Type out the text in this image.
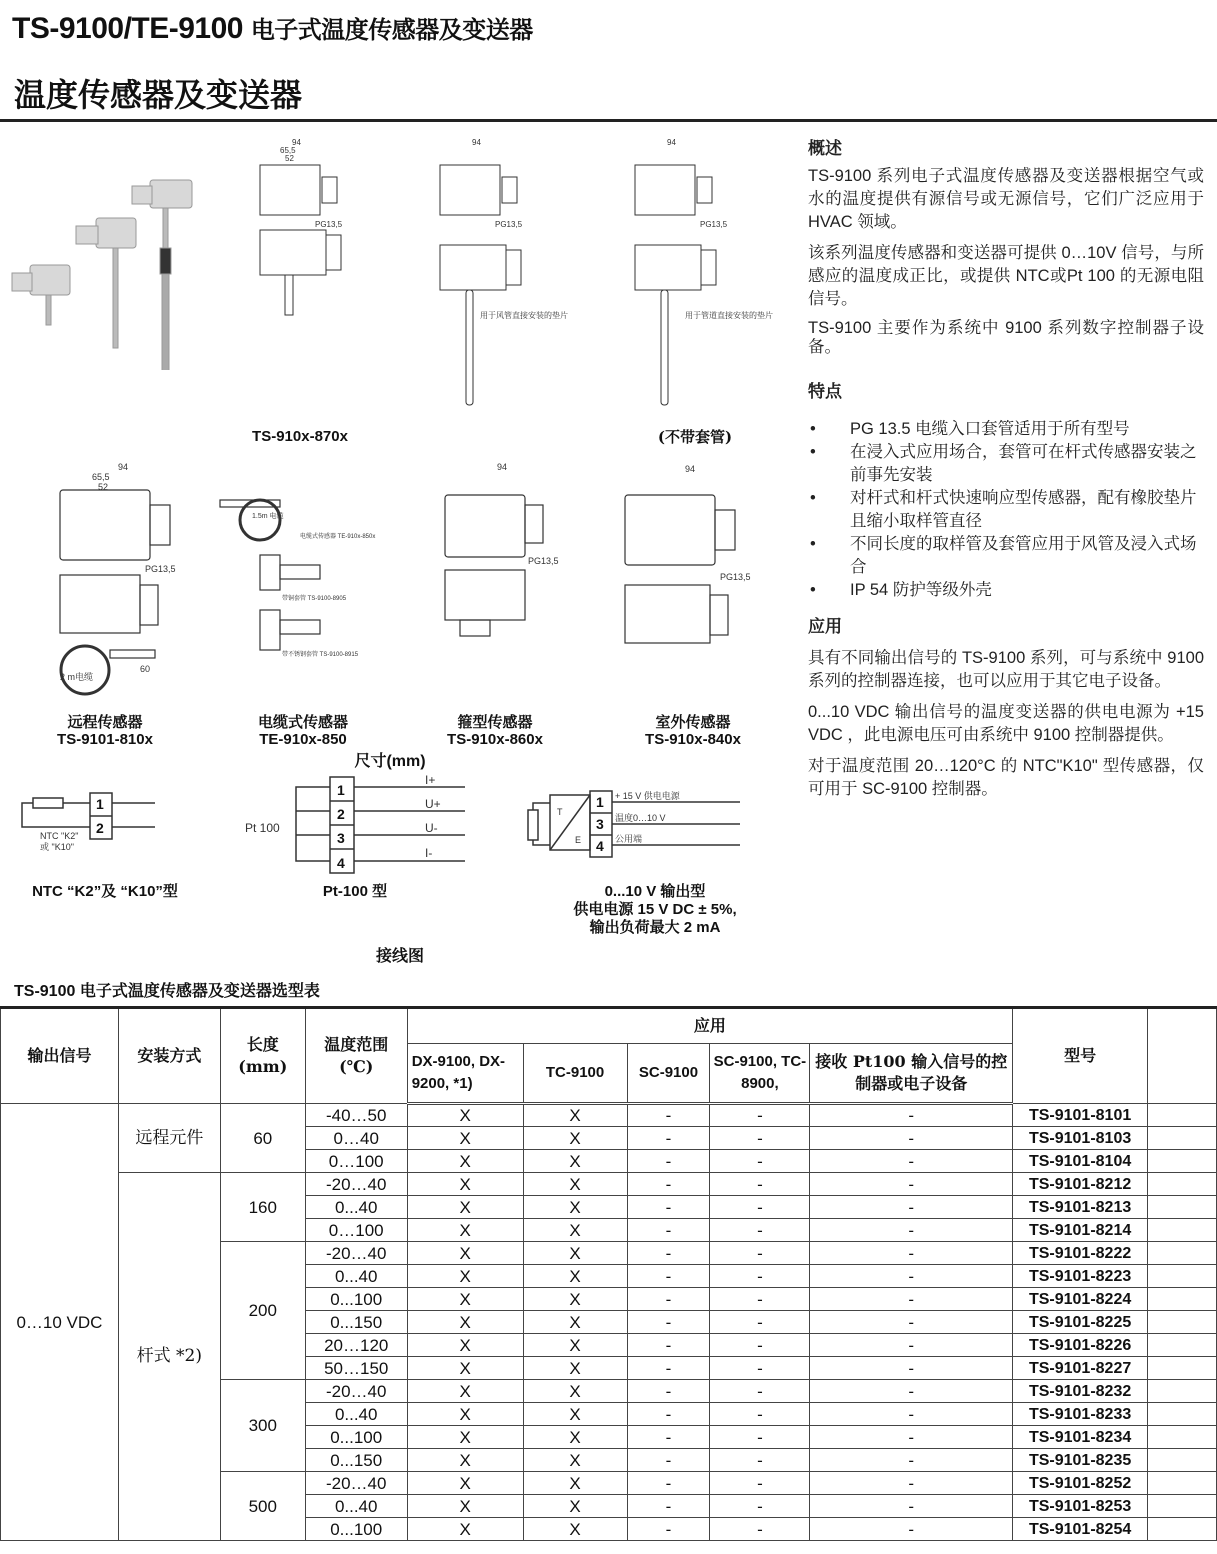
TS-9100/TE-9100 电子式温度传感器及变送器
温度传感器及变送器
94
65,5
52
PG13,5
94
PG13,5
用于风管直接安装的垫片
94
PG13,5
用于管道直接安装的垫片
TS-910x-870x	(不带套管)
94
65,5
52
PG13,5
60
2 m电缆
1.5m 电缆
电缆式传感器 TE-910x-850x
带铜套管 TS-9100-8905
带不锈钢套管 TS-9100-8915
94
PG13,5
94
PG13,5
远程传感器
TS-9101-810x
电缆式传感器
TE-910x-850
箍型传感器
TS-910x-860x
室外传感器
TS-910x-840x
尺寸(mm)
1
2
1
2
3
4
1
3
4
NTC "K2"
或 "K10"
Pt 100
I+
U+
U-
I-
T
E
+ 15 V 供电电源
温度0…10 V
公用端
NTC “K2”及 “K10”型	Pt-100 型	0...10 V 输出型
供电电源 15 V DC ± 5%,
输出负荷最大 2 mA
接线图
概述

TS-9100 系列电子式温度传感器及变送器根据空气或水的温度提供有源信号或无源信号，它们广泛应用于 HVAC 领域。

该系列温度传感器和变送器可提供 0…10V 信号，与所感应的温度成正比，或提供 NTC或Pt 100 的无源电阻信号。

TS-9100 主要作为系统中 9100 系列数字控制器子设备。

特点
• PG 13.5 电缆入口套管适用于所有型号
• 在浸入式应用场合，套管可在杆式传感器安装之前事先安装
• 对杆式和杆式快速响应型传感器，配有橡胶垫片且缩小取样管直径
• 不同长度的取样管及套管应用于风管及浸入式场合
• IP 54 防护等级外壳
应用

具有不同输出信号的 TS-9100 系列，可与系统中 9100 系列的控制器连接，也可以应用于其它电子设备。

0...10 VDC 输出信号的温度变送器的供电电源为 +15 VDC ，此电源电压可由系统中 9100 控制器提供。

对于温度范围 20…120°C 的 NTC"K10" 型传感器，仅可用于 SC-9100 控制器。

TS-9100 电子式温度传感器及变送器选型表
输出信号	安装方式	长度 (mm)	温度范围 (℃)	应用					型号	
				DX-9100, DX-9200, *1)	TC-9100	SC-9100	SC-9100, TC-8900,	接收 Pt100 输入信号的控制器或电子设备		
0…10 VDC	远程元件	60	-40…50	X	X	-	-	-	TS-9101-8101	
			0…40	X	X	-	-	-	TS-9101-8103	
			0…100	X	X	-	-	-	TS-9101-8104	
	杆式 *2)	160	-20…40	X	X	-	-	-	TS-9101-8212	
			0...40	X	X	-	-	-	TS-9101-8213	
			0…100	X	X	-	-	-	TS-9101-8214	
		200	-20…40	X	X	-	-	-	TS-9101-8222	
			0...40	X	X	-	-	-	TS-9101-8223	
			0...100	X	X	-	-	-	TS-9101-8224	
			0...150	X	X	-	-	-	TS-9101-8225	
			20…120	X	X	-	-	-	TS-9101-8226	
			50…150	X	X	-	-	-	TS-9101-8227	
		300	-20…40	X	X	-	-	-	TS-9101-8232	
			0...40	X	X	-	-	-	TS-9101-8233	
			0...100	X	X	-	-	-	TS-9101-8234	
			0...150	X	X	-	-	-	TS-9101-8235	
		500	-20…40	X	X	-	-	-	TS-9101-8252	
			0...40	X	X	-	-	-	TS-9101-8253	
			0...100	X	X	-	-	-	TS-9101-8254	
